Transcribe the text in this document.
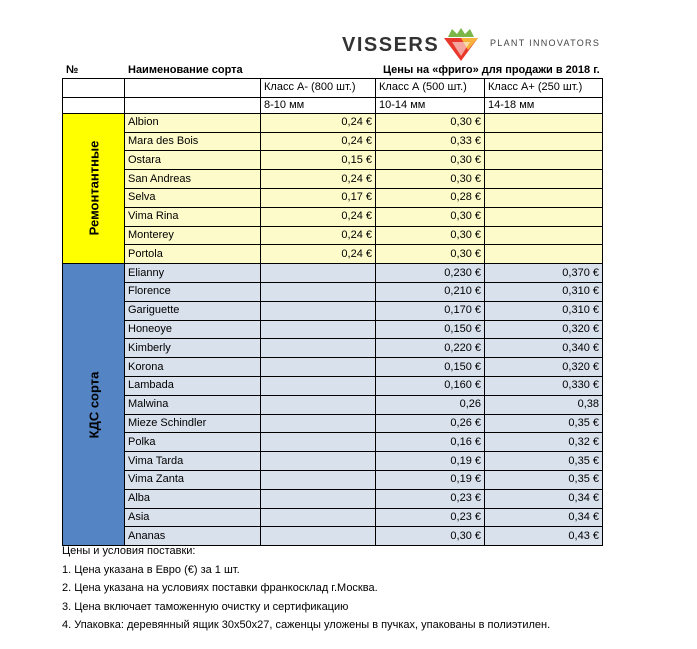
VISSERS	PLANT INNOVATORS
№	Наименование сорта	Цены на «фриго» для продажи в 2018 г.
		Класс А- (800 шт.)	Класс А (500 шт.)	Класс А+ (250 шт.)
		8-10 мм	10-14 мм	14-18 мм

Ремонтантные	Albion	0,24 €	0,30 €	
	Mara des Bois	0,24 €	0,33 €	
	Ostara	0,15 €	0,30 €	
	San Andreas	0,24 €	0,30 €	
	Selva	0,17 €	0,28 €	
	Vima Rina	0,24 €	0,30 €	
	Monterey	0,24 €	0,30 €	
	Portola	0,24 €	0,30 €	

КДС сорта	Elianny		0,230 €	0,370 €
	Florence		0,210 €	0,310 €
	Gariguette		0,170 €	0,310 €
	Honeoye		0,150 €	0,320 €
	Kimberly		0,220 €	0,340 €
	Korona		0,150 €	0,320 €
	Lambada		0,160 €	0,330 €
	Malwina		0,26	0,38
	Mieze Schindler		0,26 €	0,35 €
	Polka		0,16 €	0,32 €
	Vima Tarda		0,19 €	0,35 €
	Vima Zanta		0,19 €	0,35 €
	Alba		0,23 €	0,34 €
	Asia		0,23 €	0,34 €
	Ananas		0,30 €	0,43 €
Цены и условия поставки:
1. Цена указана в Евро (€) за 1 шт.
2. Цена указана на условиях поставки франкосклад г.Москва.
3. Цена включает таможенную очистку и сертификацию
4. Упаковка: деревянный ящик 30х50х27, саженцы уложены в пучках, упакованы в полиэтилен.
